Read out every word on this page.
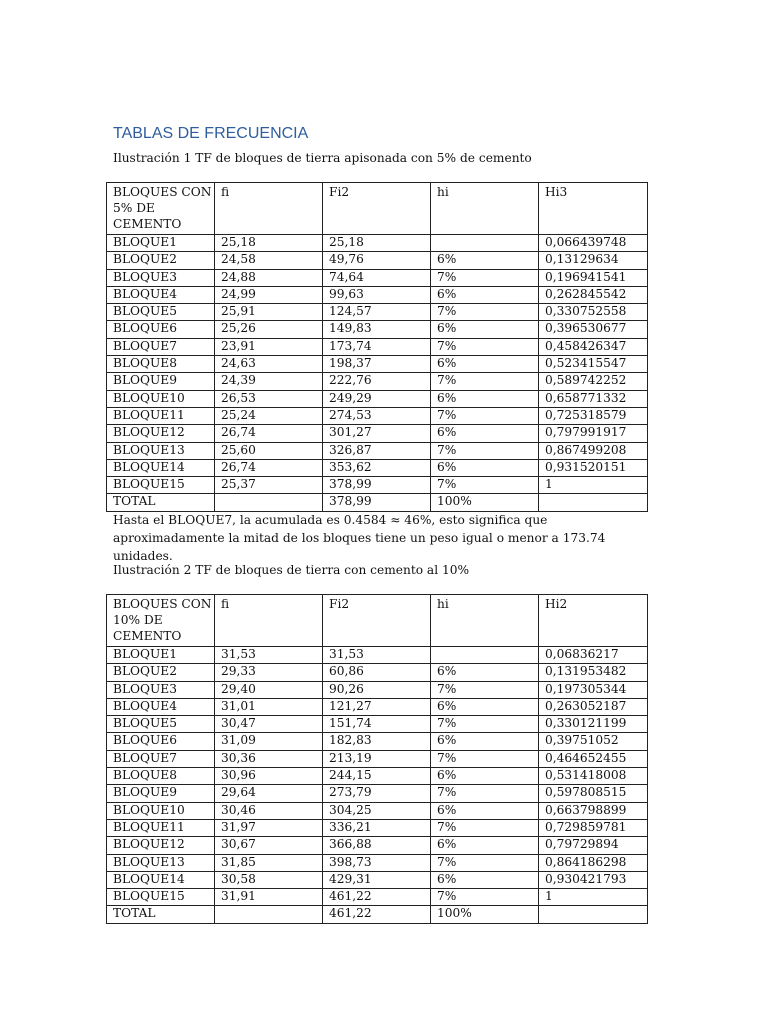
TABLAS DE FRECUENCIA
Ilustración 1 TF de bloques de tierra apisonada con 5% de cemento
BLOQUES CON 5% DE CEMENTO	fi	Fi2	hi	Hi3
BLOQUE1	25,18	25,18		0,066439748
BLOQUE2	24,58	49,76	6%	0,13129634
BLOQUE3	24,88	74,64	7%	0,196941541
BLOQUE4	24,99	99,63	6%	0,262845542
BLOQUE5	25,91	124,57	7%	0,330752558
BLOQUE6	25,26	149,83	6%	0,396530677
BLOQUE7	23,91	173,74	7%	0,458426347
BLOQUE8	24,63	198,37	6%	0,523415547
BLOQUE9	24,39	222,76	7%	0,589742252
BLOQUE10	26,53	249,29	6%	0,658771332
BLOQUE11	25,24	274,53	7%	0,725318579
BLOQUE12	26,74	301,27	6%	0,797991917
BLOQUE13	25,60	326,87	7%	0,867499208
BLOQUE14	26,74	353,62	6%	0,931520151
BLOQUE15	25,37	378,99	7%	1
TOTAL		378,99	100%	
Hasta el BLOQUE7, la acumulada es 0.4584 ≈ 46%, esto significa que aproximadamente la mitad de los bloques tiene un peso igual o menor a 173.74 unidades.
Ilustración 2 TF de bloques de tierra con cemento al 10%
BLOQUES CON 10% DE CEMENTO	fi	Fi2	hi	Hi2
BLOQUE1	31,53	31,53		0,06836217
BLOQUE2	29,33	60,86	6%	0,131953482
BLOQUE3	29,40	90,26	7%	0,197305344
BLOQUE4	31,01	121,27	6%	0,263052187
BLOQUE5	30,47	151,74	7%	0,330121199
BLOQUE6	31,09	182,83	6%	0,39751052
BLOQUE7	30,36	213,19	7%	0,464652455
BLOQUE8	30,96	244,15	6%	0,531418008
BLOQUE9	29,64	273,79	7%	0,597808515
BLOQUE10	30,46	304,25	6%	0,663798899
BLOQUE11	31,97	336,21	7%	0,729859781
BLOQUE12	30,67	366,88	6%	0,79729894
BLOQUE13	31,85	398,73	7%	0,864186298
BLOQUE14	30,58	429,31	6%	0,930421793
BLOQUE15	31,91	461,22	7%	1
TOTAL		461,22	100%	
